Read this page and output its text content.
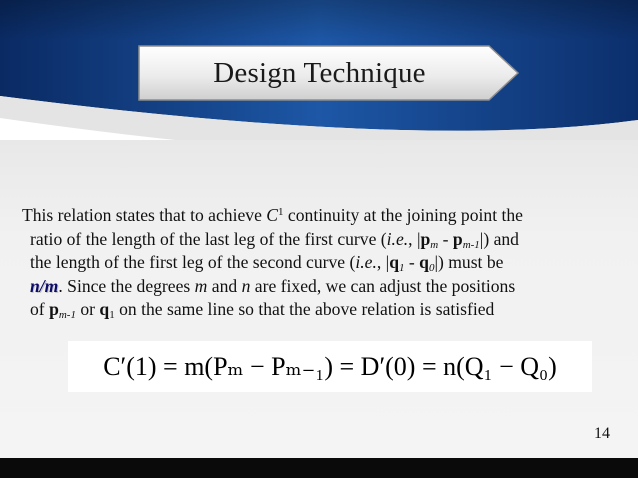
Design Technique
This relation states that to achieve $C^1$ continuity at the joining point the
ratio of the length of the last leg of the first curve (i.e., $|p_m - p_{m-1}|$) and
the length of the first leg of the second curve (i.e., $|q_1 - q_0|$) must be
n/m. Since the degrees m and n are fixed, we can adjust the positions
of $p_{m-1}$ or $q_1$ on the same line so that the above relation is satisfied
C′(1) = m(Pₘ − Pₘ₋₁) = D′(0) = n(Q₁ − Q₀)
14
